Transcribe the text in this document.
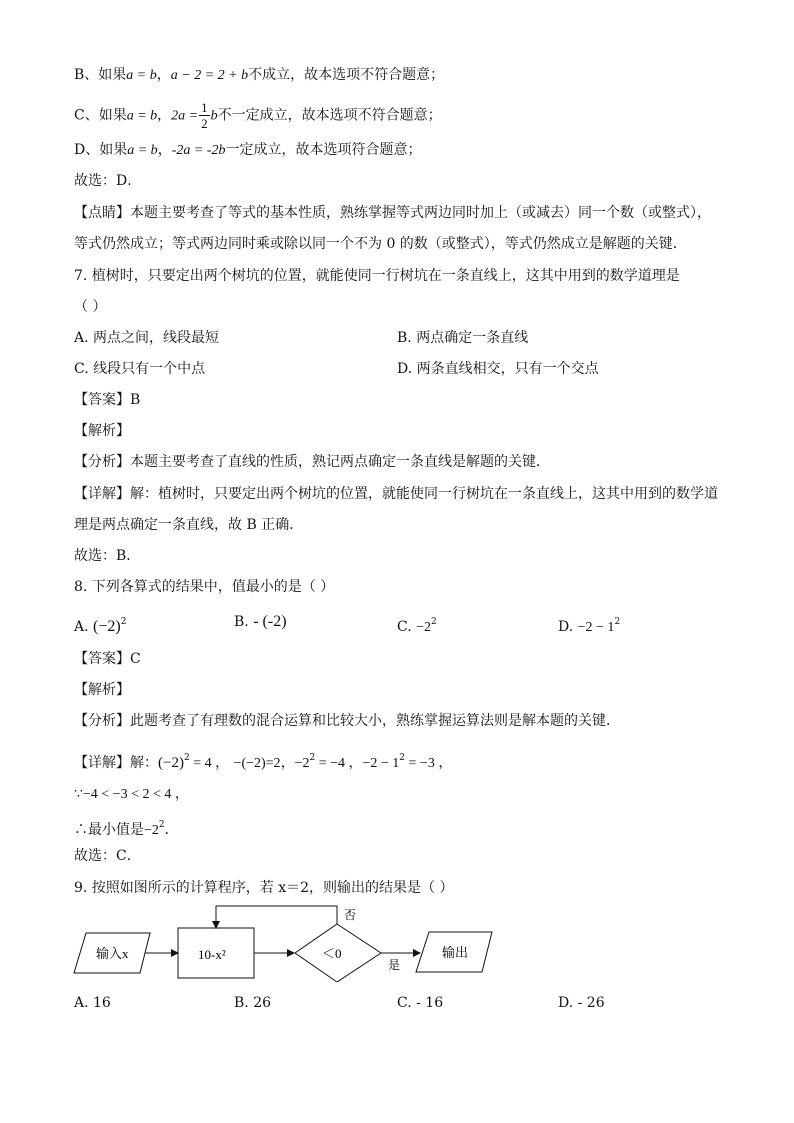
B、如果a = b，a − 2 = 2 + b不成立，故本选项不符合题意；
C、如果a = b，$2a = \frac{1}{2}$ b不一定成立，故本选项不符合题意；
D、如果a = b，-2a = -2b一定成立，故本选项符合题意；
故选：D．
【点睛】本题主要考查了等式的基本性质，熟练掌握等式两边同时加上（或减去）同一个数（或整式），
等式仍然成立；等式两边同时乘或除以同一个不为 0 的数（或整式），等式仍然成立是解题的关键．
7. 植树时，只要定出两个树坑的位置，就能使同一行树坑在一条直线上，这其中用到的数学道理是
（ ）
A. 两点之间，线段最短	B. 两点确定一条直线
C. 线段只有一个中点	D. 两条直线相交，只有一个交点
【答案】B
【解析】
【分析】本题主要考查了直线的性质，熟记两点确定一条直线是解题的关键．
【详解】解：植树时，只要定出两个树坑的位置，就能使同一行树坑在一条直线上，这其中用到的数学道
理是两点确定一条直线，故 B 正确．
故选：B．
8. 下列各算式的结果中，值最小的是（ ）
A. $(-2)^2$	B. - (-2)	C. $-2^2$	D. $-2 - 1^2$
【答案】C
【解析】
【分析】此题考查了有理数的混合运算和比较大小，熟练掌握运算法则是解本题的关键．
【详解】解：$(-2)^2 = 4$ ， −(−2)=2，$-2^2 = -4$ ，$-2 - 1^2 = -3$ ，
∵−4 < −3 < 2 < 4 ，
∴最小值是$-2^2$．
故选：C．
9. 按照如图所示的计算程序，若 x＝2，则输出的结果是（ ）
输入x	10-x²	＜0
否
是
输出
A. 16	B. 26	C. - 16	D. - 26
